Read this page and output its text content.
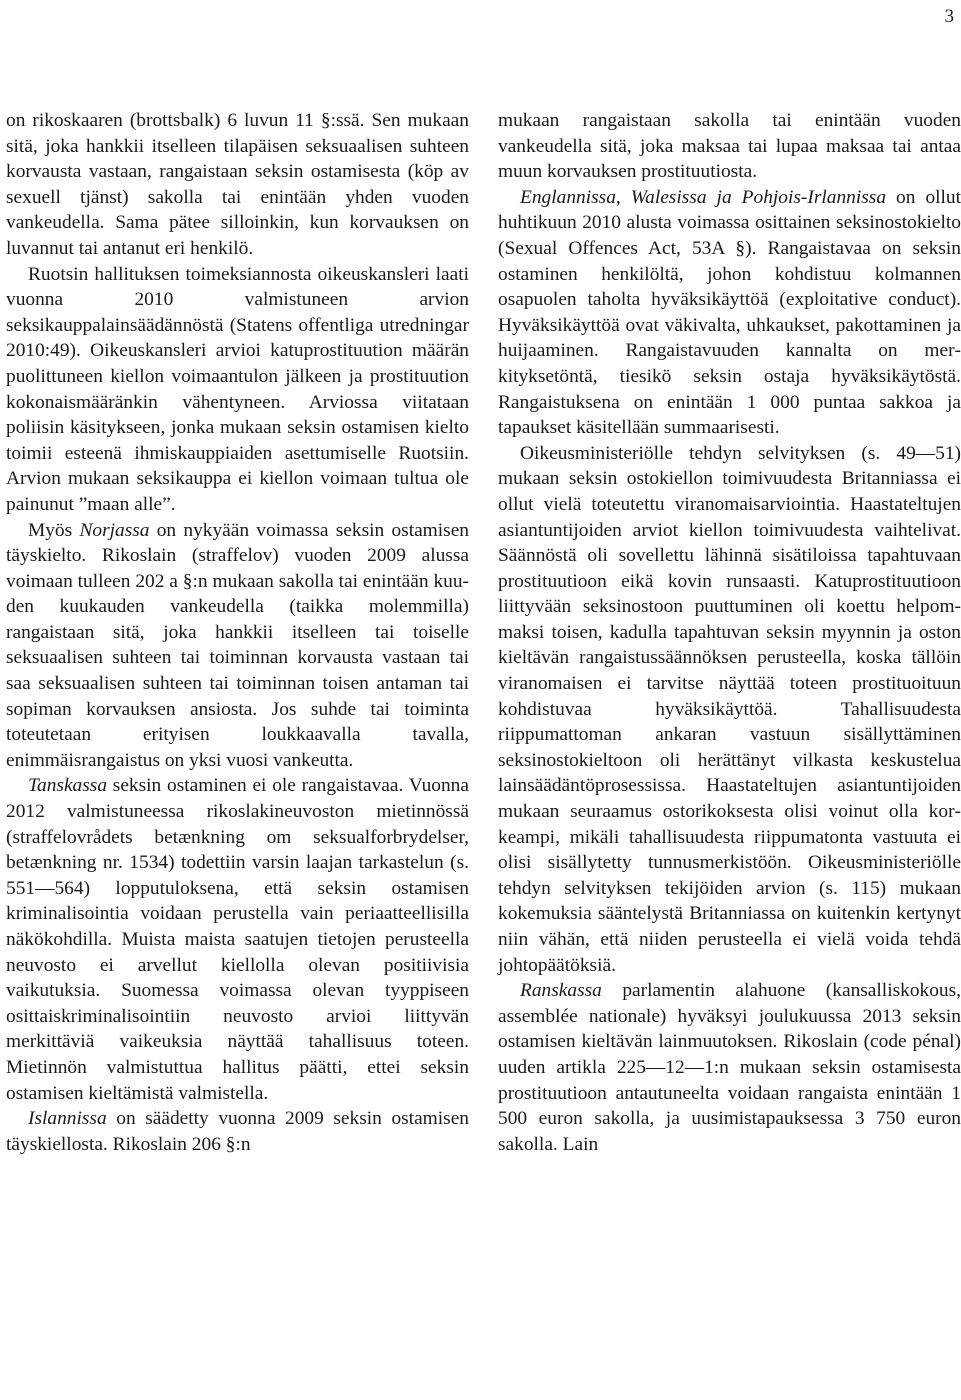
3

on rikoskaaren (brottsbalk) 6 luvun 11 §:ssä. Sen mukaan sitä, joka hankkii itselleen tilapäisen seksuaalisen suhteen korvausta vastaan, rangaistaan seksin ostamisesta (köp av sexuell tjänst) sakolla tai enintään yhden vuoden vankeudella. Sama pätee silloinkin, kun korvauksen on luvannut tai antanut eri henkilö.

Ruotsin hallituksen toimeksiannosta oikeuskansleri laati vuonna 2010 valmistuneen arvion seksikauppalainsäädännöstä (Statens offentliga utredningar 2010:49). Oikeuskansleri arvioi katuprostituution määrän puolittuneen kiellon voimaantulon jälkeen ja prostituution kokonaismääränkin vähentyneen. Arviossa viitataan poliisin käsitykseen, jonka mukaan seksin ostamisen kielto toimii esteenä ihmiskauppiaiden asettumiselle Ruotsiin. Arvion mukaan seksikauppa ei kiellon voimaan tultua ole painunut ”maan alle”.

Myös Norjassa on nykyään voimassa seksin ostamisen täyskielto. Rikoslain (straffelov) vuoden 2009 alussa voimaan tulleen 202 a §:n mukaan sakolla tai enintään kuuden kuukauden vankeudella (taikka molemmilla) rangaistaan sitä, joka hankkii itselleen tai toiselle seksuaalisen suhteen tai toiminnan korvausta vastaan tai saa seksuaalisen suhteen tai toiminnan toisen antaman tai sopiman korvauksen ansiosta. Jos suhde tai toiminta toteutetaan erityisen loukkaavalla tavalla, enimmäisrangaistus on yksi vuosi vankeutta.

Tanskassa seksin ostaminen ei ole rangaistavaa. Vuonna 2012 valmistuneessa rikoslakineuvoston mietinnössä (straffelovrådets betænkning om seksualforbrydelser, betænkning nr. 1534) todettiin varsin laajan tarkastelun (s. 551—564) lopputuloksena, että seksin ostamisen kriminalisointia voidaan perustella vain periaatteellisilla näkökohdilla. Muista maista saatujen tietojen perusteella neuvosto ei arvellut kiellolla olevan positiivisia vaikutuksia. Suomessa voimassa olevan tyyppiseen osittaiskriminalisointiin neuvosto arvioi liittyvän merkittäviä vaikeuksia näyttää tahallisuus toteen. Mietinnön valmistuttua hallitus päätti, ettei seksin ostamisen kieltämistä valmistella.

Islannissa on säädetty vuonna 2009 seksin ostamisen täyskiellosta. Rikoslain 206 §:n

mukaan rangaistaan sakolla tai enintään vuoden vankeudella sitä, joka maksaa tai lupaa maksaa tai antaa muun korvauksen prostituutiosta.

Englannissa, Walesissa ja Pohjois-Irlannissa on ollut huhtikuun 2010 alusta voimassa osittainen seksinostokielto (Sexual Offences Act, 53A §). Rangaistavaa on seksin ostaminen henkilöltä, johon kohdistuu kolmannen osapuolen taholta hyväksikäyttöä (exploitative conduct). Hyväksikäyttöä ovat väkivalta, uhkaukset, pakottaminen ja huijaaminen. Rangaistavuuden kannalta on merkityksetöntä, tiesikö seksin ostaja hyväksikäytöstä. Rangaistuksena on enintään 1 000 puntaa sakkoa ja tapaukset käsitellään summaarisesti.

Oikeusministeriölle tehdyn selvityksen (s. 49—51) mukaan seksin ostokiellon toimivuudesta Britanniassa ei ollut vielä toteutettu viranomaisarviointia. Haastateltujen asiantuntijoiden arviot kiellon toimivuudesta vaihtelivat. Säännöstä oli sovellettu lähinnä sisätiloissa tapahtuvaan prostituutioon eikä kovin runsaasti. Katuprostituutioon liittyvään seksinostoon puuttuminen oli koettu helpommaksi toisen, kadulla tapahtuvan seksin myynnin ja oston kieltävän rangaistussäännöksen perusteella, koska tällöin viranomaisen ei tarvitse näyttää toteen prostituoituun kohdistuvaa hyväksikäyttöä. Tahallisuudesta riippumattoman ankaran vastuun sisällyttäminen seksinostokieltoon oli herättänyt vilkasta keskustelua lainsäädäntöprosessissa. Haastateltujen asiantuntijoiden mukaan seuraamus ostorikoksesta olisi voinut olla korkeampi, mikäli tahallisuudesta riippumatonta vastuuta ei olisi sisällytetty tunnusmerkistöön. Oikeusministeriölle tehdyn selvityksen tekijöiden arvion (s. 115) mukaan kokemuksia sääntelystä Britanniassa on kuitenkin kertynyt niin vähän, että niiden perusteella ei vielä voida tehdä johtopäätöksiä.

Ranskassa parlamentin alahuone (kansalliskokous, assemblée nationale) hyväksyi joulukuussa 2013 seksin ostamisen kieltävän lainmuutoksen. Rikoslain (code pénal) uuden artikla 225—12—1:n mukaan seksin ostamisesta prostituutioon antautuneelta voidaan rangaista enintään 1 500 euron sakolla, ja uusimistapauksessa 3 750 euron sakolla. Lain
